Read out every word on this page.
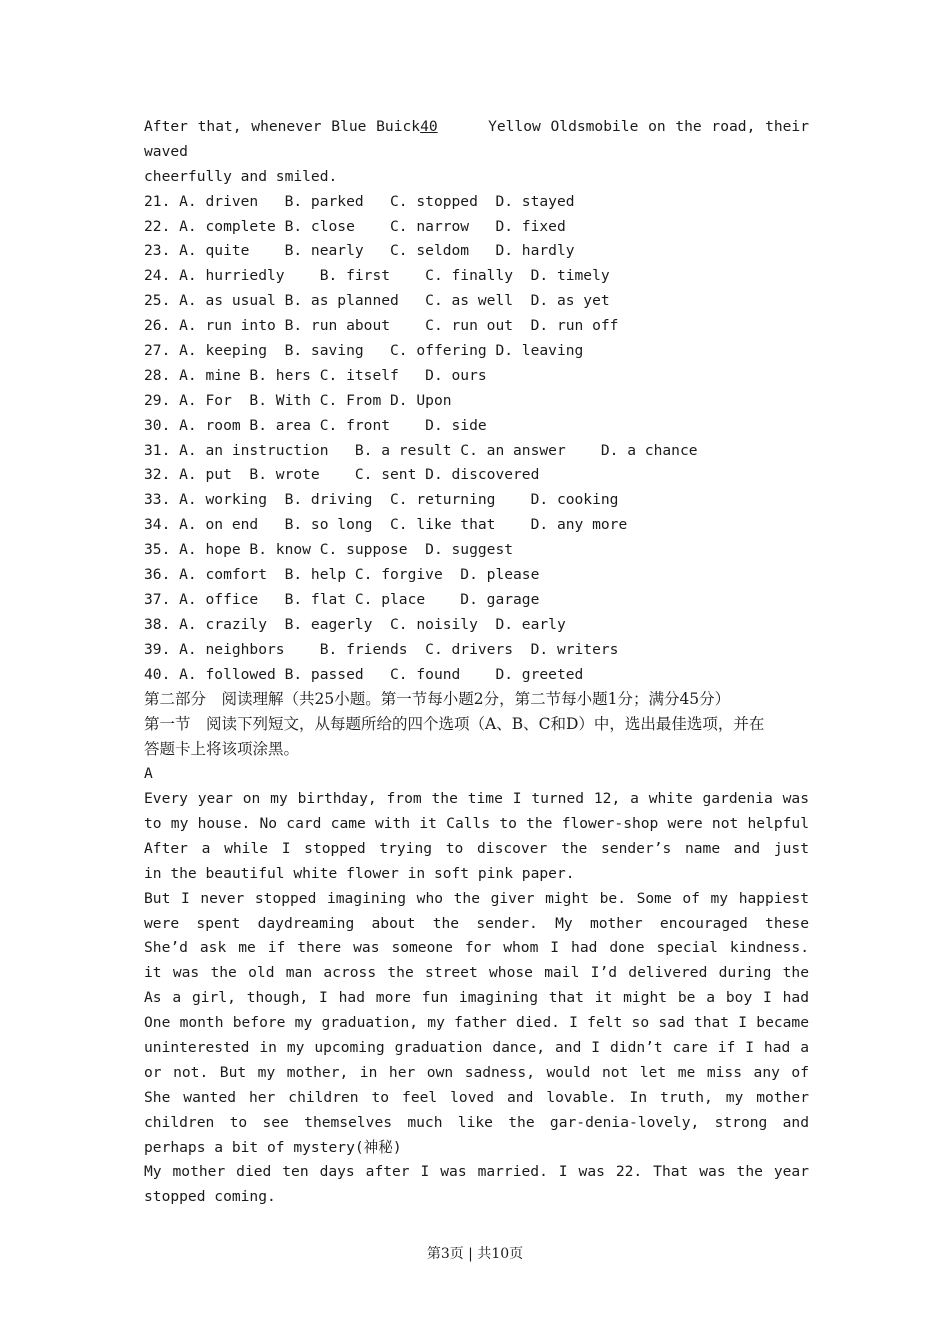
After that, whenever Blue Buick40	Yellow Oldsmobile on the road, their
waved
cheerfully and smiled.
21. A. driven   B. parked   C. stopped  D. stayed
22. A. complete B. close    C. narrow   D. fixed
23. A. quite    B. nearly   C. seldom   D. hardly
24. A. hurriedly    B. first    C. finally  D. timely
25. A. as usual B. as planned   C. as well  D. as yet
26. A. run into B. run about    C. run out  D. run off
27. A. keeping  B. saving   C. offering D. leaving
28. A. mine B. hers C. itself   D. ours
29. A. For  B. With C. From D. Upon
30. A. room B. area C. front    D. side
31. A. an instruction   B. a result C. an answer    D. a chance
32. A. put  B. wrote    C. sent D. discovered
33. A. working  B. driving  C. returning    D. cooking
34. A. on end   B. so long  C. like that    D. any more
35. A. hope B. know C. suppose  D. suggest
36. A. comfort  B. help C. forgive  D. please
37. A. office   B. flat C. place    D. garage
38. A. crazily  B. eagerly  C. noisily  D. early
39. A. neighbors    B. friends  C. drivers  D. writers
40. A. followed B. passed   C. found    D. greeted
第二部分　阅读理解（共25小题。第一节每小题2分，第二节每小题1分；满分45分）
第一节　阅读下列短文，从每题所给的四个选项（A、B、C和D）中，选出最佳选项，并在
答题卡上将该项涂黑。
A
Every year on my birthday, from the time I turned 12, a white gardenia was
to my house. No card came with it Calls to the flower-shop were not helpful
After a while I stopped trying to discover the sender’s name and just
in the beautiful white flower in soft pink paper.
But I never stopped imagining who the giver might be. Some of my happiest
were spent daydreaming about the sender. My mother encouraged these
She’d ask me if there was someone for whom I had done special kindness.
it was the old man across the street whose mail I’d delivered during the
As a girl, though, I had more fun imagining that it might be a boy I had
One month before my graduation, my father died. I felt so sad that I became
uninterested in my upcoming graduation dance, and I didn’t care if I had a
or not. But my mother, in her own sadness, would not let me miss any of
She wanted her children to feel loved and lovable. In truth, my mother
children to see themselves much like the gar-denia-lovely, strong and
perhaps a bit of mystery(神秘)
My mother died ten days after I was married. I was 22. That was the year
stopped coming.
第3页 | 共10页
